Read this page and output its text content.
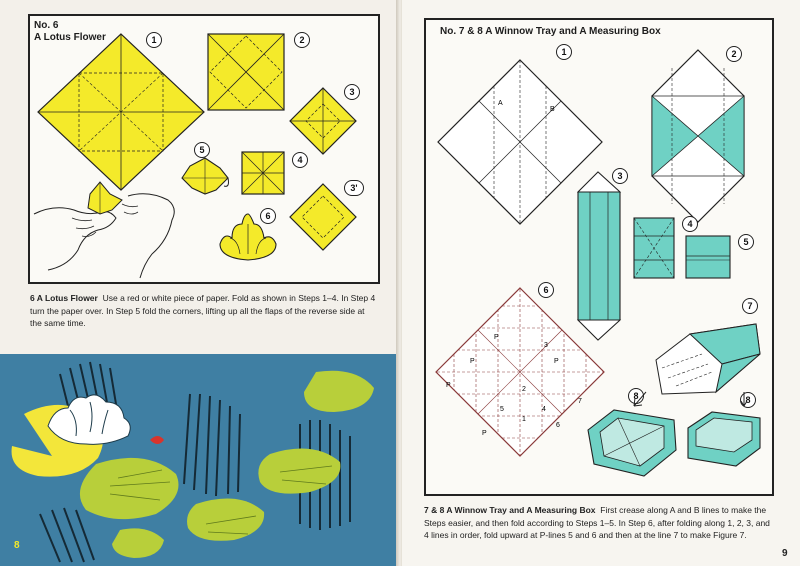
No. 6
A Lotus Flower	1	2
3
3'
4
5
6
6 A Lotus Flower Use a red or white piece of paper. Fold as shown in Steps 1–4. In Step 4 turn the paper over. In Step 5 fold the corners, lifting up all the flaps of the reverse side at the same time.
8
No. 7 & 8 A Winnow Tray and A Measuring Box
A
B
1	2
3
4
5
P
P	P
P
P
1
2
3
4
5
6
7
6
7
8	8
7 & 8 A Winnow Tray and A Measuring Box First crease along A and B lines to make the Steps easier, and then fold according to Steps 1–5. In Step 6, after folding along 1, 2, 3, and 4 lines in order, fold upward at P-lines 5 and 6 and then at the line 7 to make Figure 7.
9
